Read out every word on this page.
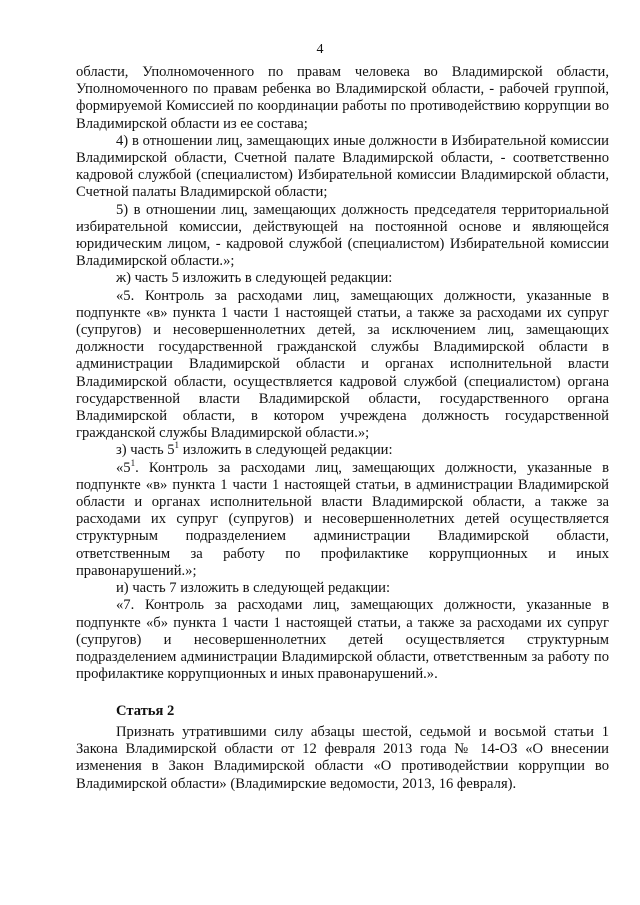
4

области, Уполномоченного по правам человека во Владимирской области, Уполномоченного по правам ребенка во Владимирской области, - рабочей группой, формируемой Комиссией по координации работы по противодействию коррупции во Владимирской области из ее состава;

4) в отношении лиц, замещающих иные должности в Избирательной комиссии Владимирской области, Счетной палате Владимирской области, - соответственно кадровой службой (специалистом) Избирательной комиссии Владимирской области, Счетной палаты Владимирской области;

5) в отношении лиц, замещающих должность председателя территориальной избирательной комиссии, действующей на постоянной основе и являющейся юридическим лицом, - кадровой службой (специалистом) Избирательной комиссии Владимирской области.»;

ж) часть 5 изложить в следующей редакции:

«5. Контроль за расходами лиц, замещающих должности, указанные в подпункте «в» пункта 1 части 1 настоящей статьи, а также за расходами их супруг (супругов) и несовершеннолетних детей, за исключением лиц, замещающих должности государственной гражданской службы Владимирской области в администрации Владимирской области и органах исполнительной власти Владимирской области, осуществляется кадровой службой (специалистом) органа государственной власти Владимирской области, государственного органа Владимирской области, в котором учреждена должность государственной гражданской службы Владимирской области.»;

з) часть $5^1$ изложить в следующей редакции:

«$5^1$. Контроль за расходами лиц, замещающих должности, указанные в подпункте «в» пункта 1 части 1 настоящей статьи, в администрации Владимирской области и органах исполнительной власти Владимирской области, а также за расходами их супруг (супругов) и несовершеннолетних детей осуществляется структурным подразделением администрации Владимирской области, ответственным за работу по профилактике коррупционных и иных правонарушений.»;

и) часть 7 изложить в следующей редакции:

«7. Контроль за расходами лиц, замещающих должности, указанные в подпункте «б» пункта 1 части 1 настоящей статьи, а также за расходами их супруг (супругов) и несовершеннолетних детей осуществляется структурным подразделением администрации Владимирской области, ответственным за работу по профилактике коррупционных и иных правонарушений.».

Статья 2

Признать утратившими силу абзацы шестой, седьмой и восьмой статьи 1 Закона Владимирской области от 12 февраля 2013 года № 14-ОЗ «О внесении изменения в Закон Владимирской области «О противодействии коррупции во Владимирской области» (Владимирские ведомости, 2013, 16 февраля).
